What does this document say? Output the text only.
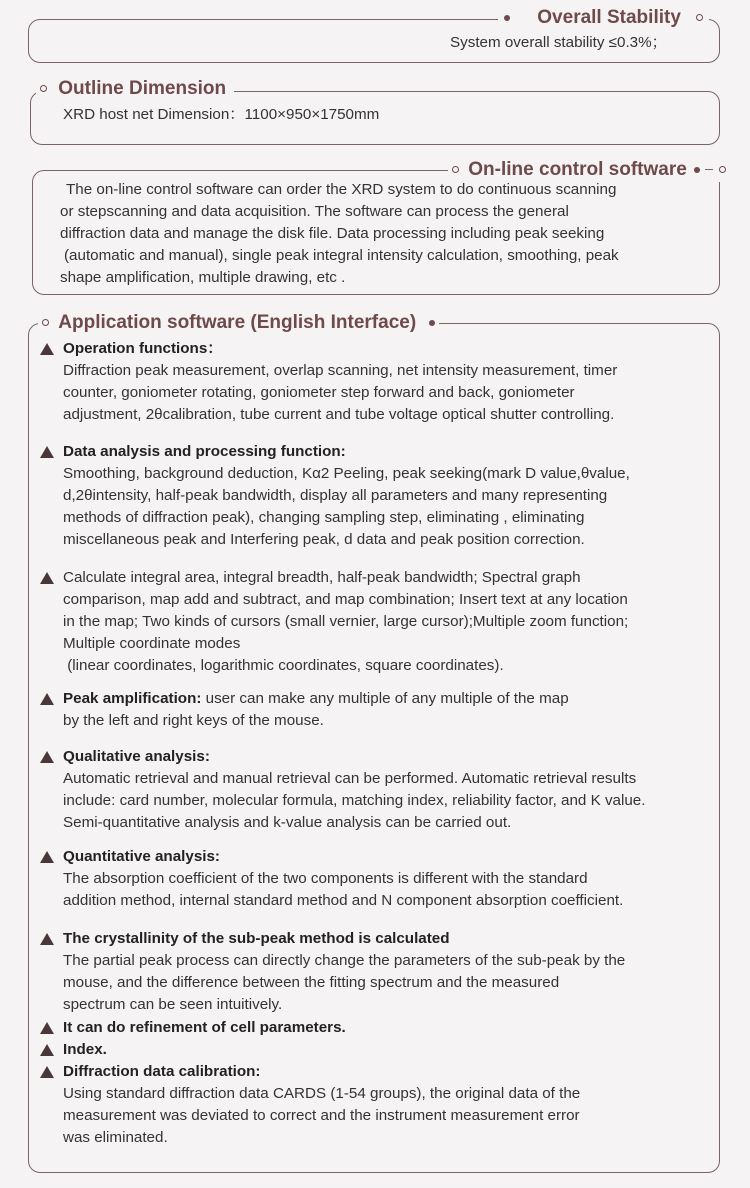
Overall Stability
System overall stability ≤0.3%；
Outline Dimension
XRD host net Dimension：1100×950×1750mm
On-line control software
The on-line control software can order the XRD system to do continuous scanning
or stepscanning and data acquisition. The software can process the general
diffraction data and manage the disk file. Data processing including peak seeking
(automatic and manual), single peak integral intensity calculation, smoothing, peak
shape amplification, multiple drawing, etc .
Application software (English Interface)
Operation functions：
Diffraction peak measurement, overlap scanning, net intensity measurement, timer
counter, goniometer rotating, goniometer step forward and back, goniometer
adjustment, 2θcalibration, tube current and tube voltage optical shutter controlling.
Data analysis and processing function:
Smoothing, background deduction, Kα2 Peeling, peak seeking(mark D value,θvalue,
d,2θintensity, half-peak bandwidth, display all parameters and many representing
methods of diffraction peak), changing sampling step, eliminating , eliminating
miscellaneous peak and Interfering peak, d data and peak position correction.
Calculate integral area, integral breadth, half-peak bandwidth; Spectral graph
comparison, map add and subtract, and map combination; Insert text at any location
in the map; Two kinds of cursors (small vernier, large cursor);Multiple zoom function;
Multiple coordinate modes
(linear coordinates, logarithmic coordinates, square coordinates).
Peak amplification: user can make any multiple of any multiple of the map
by the left and right keys of the mouse.
Qualitative analysis:
Automatic retrieval and manual retrieval can be performed. Automatic retrieval results
include: card number, molecular formula, matching index, reliability factor, and K value.
Semi-quantitative analysis and k-value analysis can be carried out.
Quantitative analysis:
The absorption coefficient of the two components is different with the standard
addition method, internal standard method and N component absorption coefficient.
The crystallinity of the sub-peak method is calculated
The partial peak process can directly change the parameters of the sub-peak by the
mouse, and the difference between the fitting spectrum and the measured
spectrum can be seen intuitively.
It can do refinement of cell parameters.
Index.
Diffraction data calibration:
Using standard diffraction data CARDS (1-54 groups), the original data of the
measurement was deviated to correct and the instrument measurement error
was eliminated.
